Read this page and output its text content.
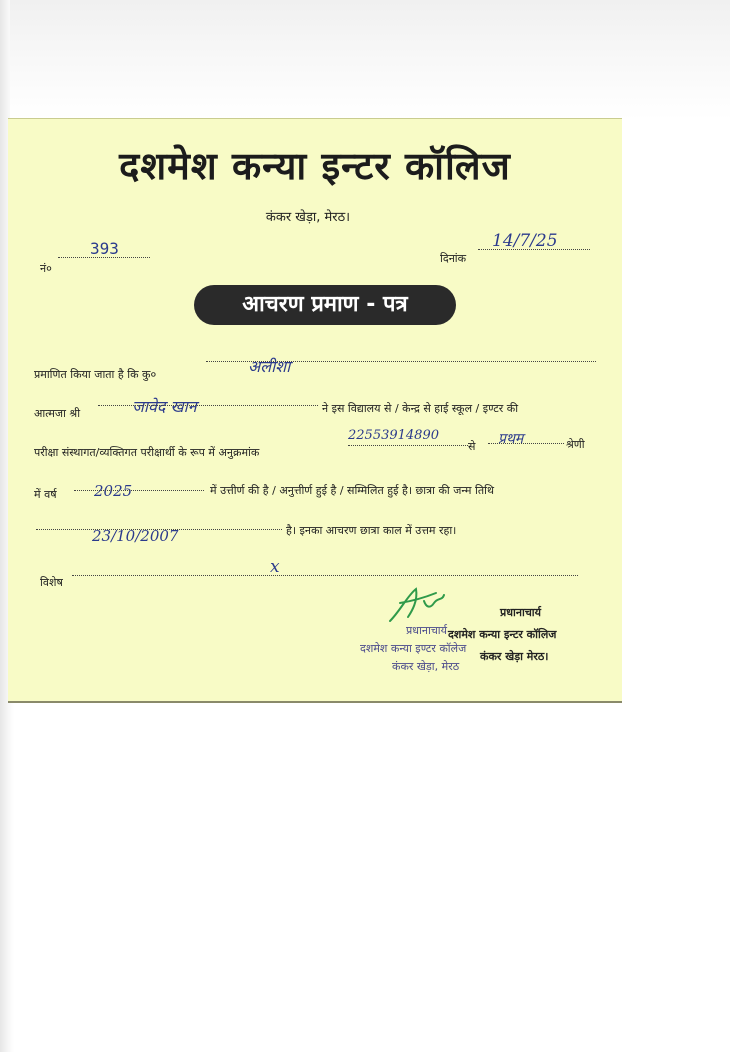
दशमेश कन्या इन्टर कॉलिज
कंकर खेड़ा, मेरठ।
नं०
393
दिनांक
14/7/25
आचरण प्रमाण - पत्र
प्रमाणित किया जाता है कि कु०	अलीशा
आत्मजा श्री	जावेद खान	ने इस विद्यालय से / केन्द्र से हाई स्कूल / इण्टर की
परीक्षा संस्थागत/व्यक्तिगत परीक्षार्थी के रूप में अनुक्रमांक
22553914890
से प्रथम	श्रेणी
में वर्ष 2025	में उत्तीर्ण की है / अनुत्तीर्ण हुई है / सम्मिलित हुई है। छात्रा की जन्म तिथि
23/10/2007	है। इनका आचरण छात्रा काल में उत्तम रहा।
विशेष
x
प्रधानाचार्य
दशमेश कन्या इन्टर कॉलिज
कंकर खेड़ा मेरठ।
प्रधानाचार्य
दशमेश कन्या इण्टर कॉलेज
कंकर खेड़ा, मेरठ
